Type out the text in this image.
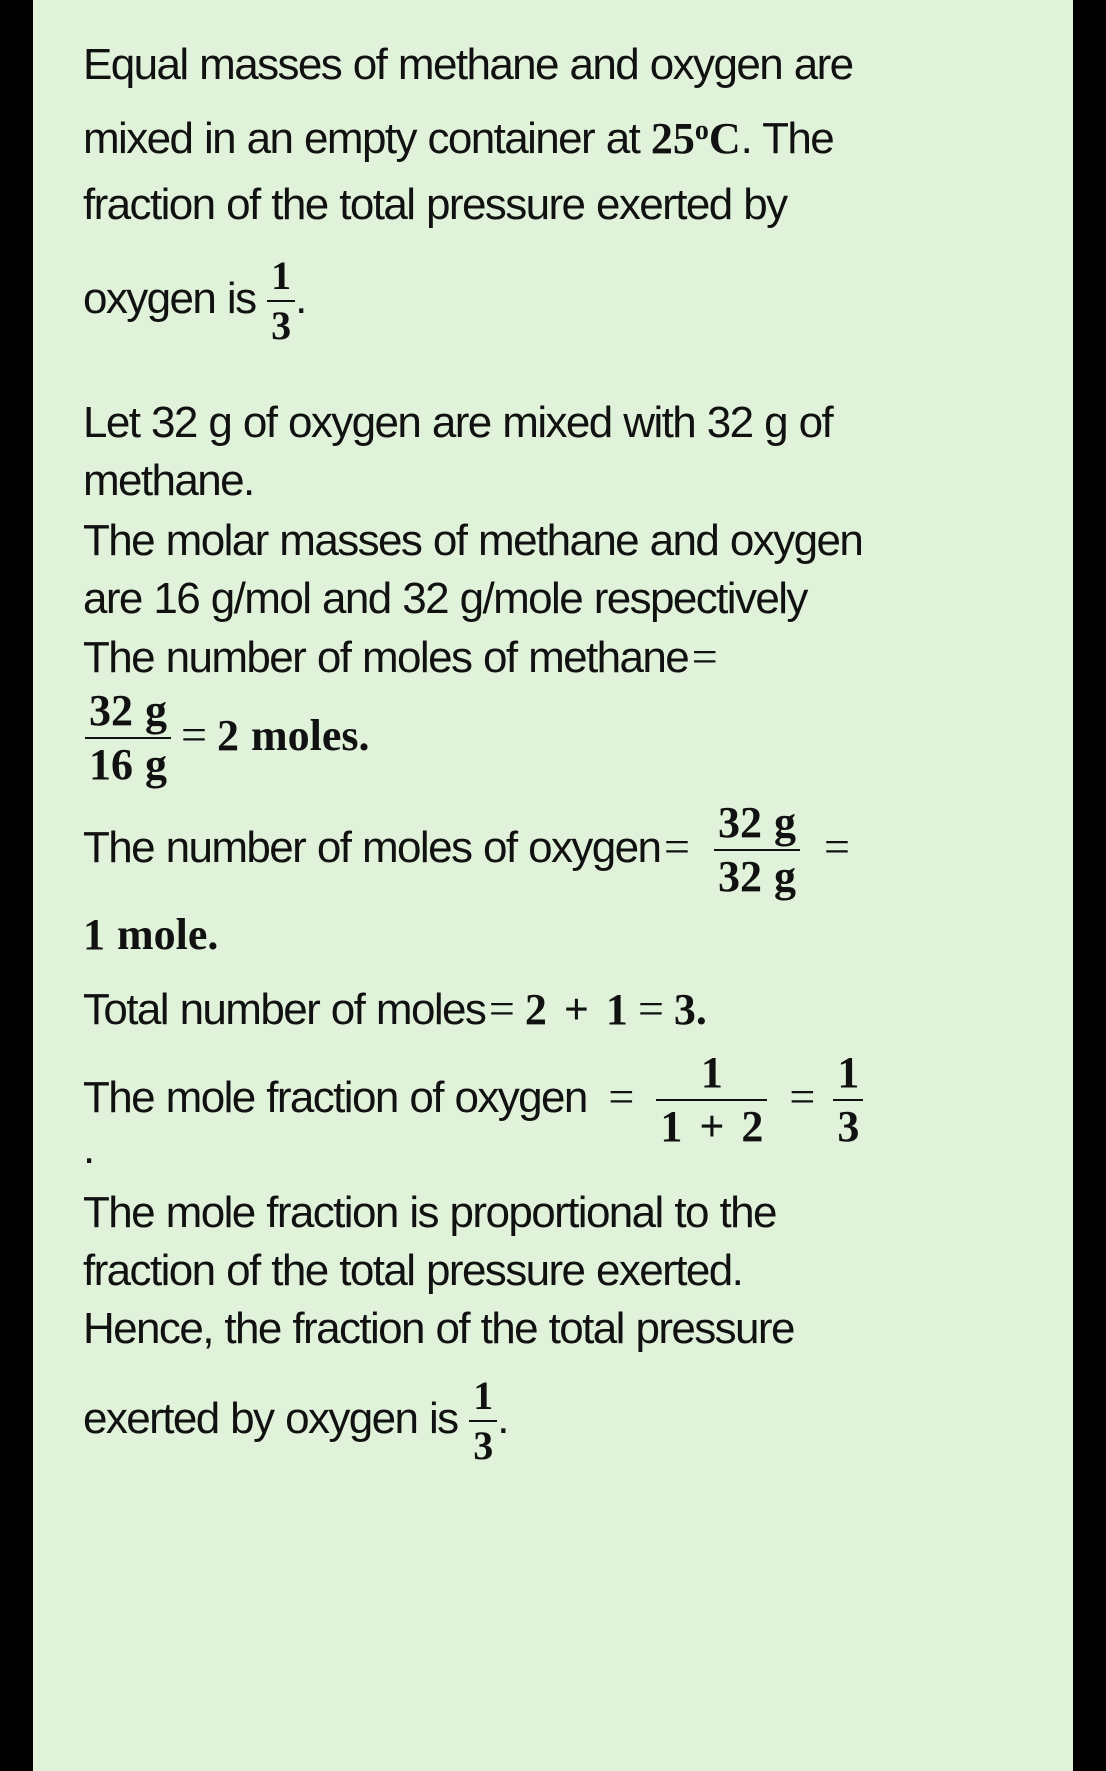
Equal masses of methane and oxygen are
mixed in an empty container at 25$^o$C. The
fraction of the total pressure exerted by
oxygen is $\frac{1}{3}$ .
Let 32 g of oxygen are mixed with 32 g of
methane.
The molar masses of methane and oxygen
are 16 g/mol and 32 g/mole respectively
The number of moles of methane =
$\frac{32 g}{16 g} = 2$ moles.
The number of moles of oxygen = $\frac{32 g}{32 g}$ =
1 mole.
Total number of moles = 2 + 1 = 3.
The mole fraction of oxygen = $\frac{1}{1 + 2} = \frac{1}{3}$
.
The mole fraction is proportional to the
fraction of the total pressure exerted.
Hence, the fraction of the total pressure
exerted by oxygen is $\frac{1}{3}$ .
